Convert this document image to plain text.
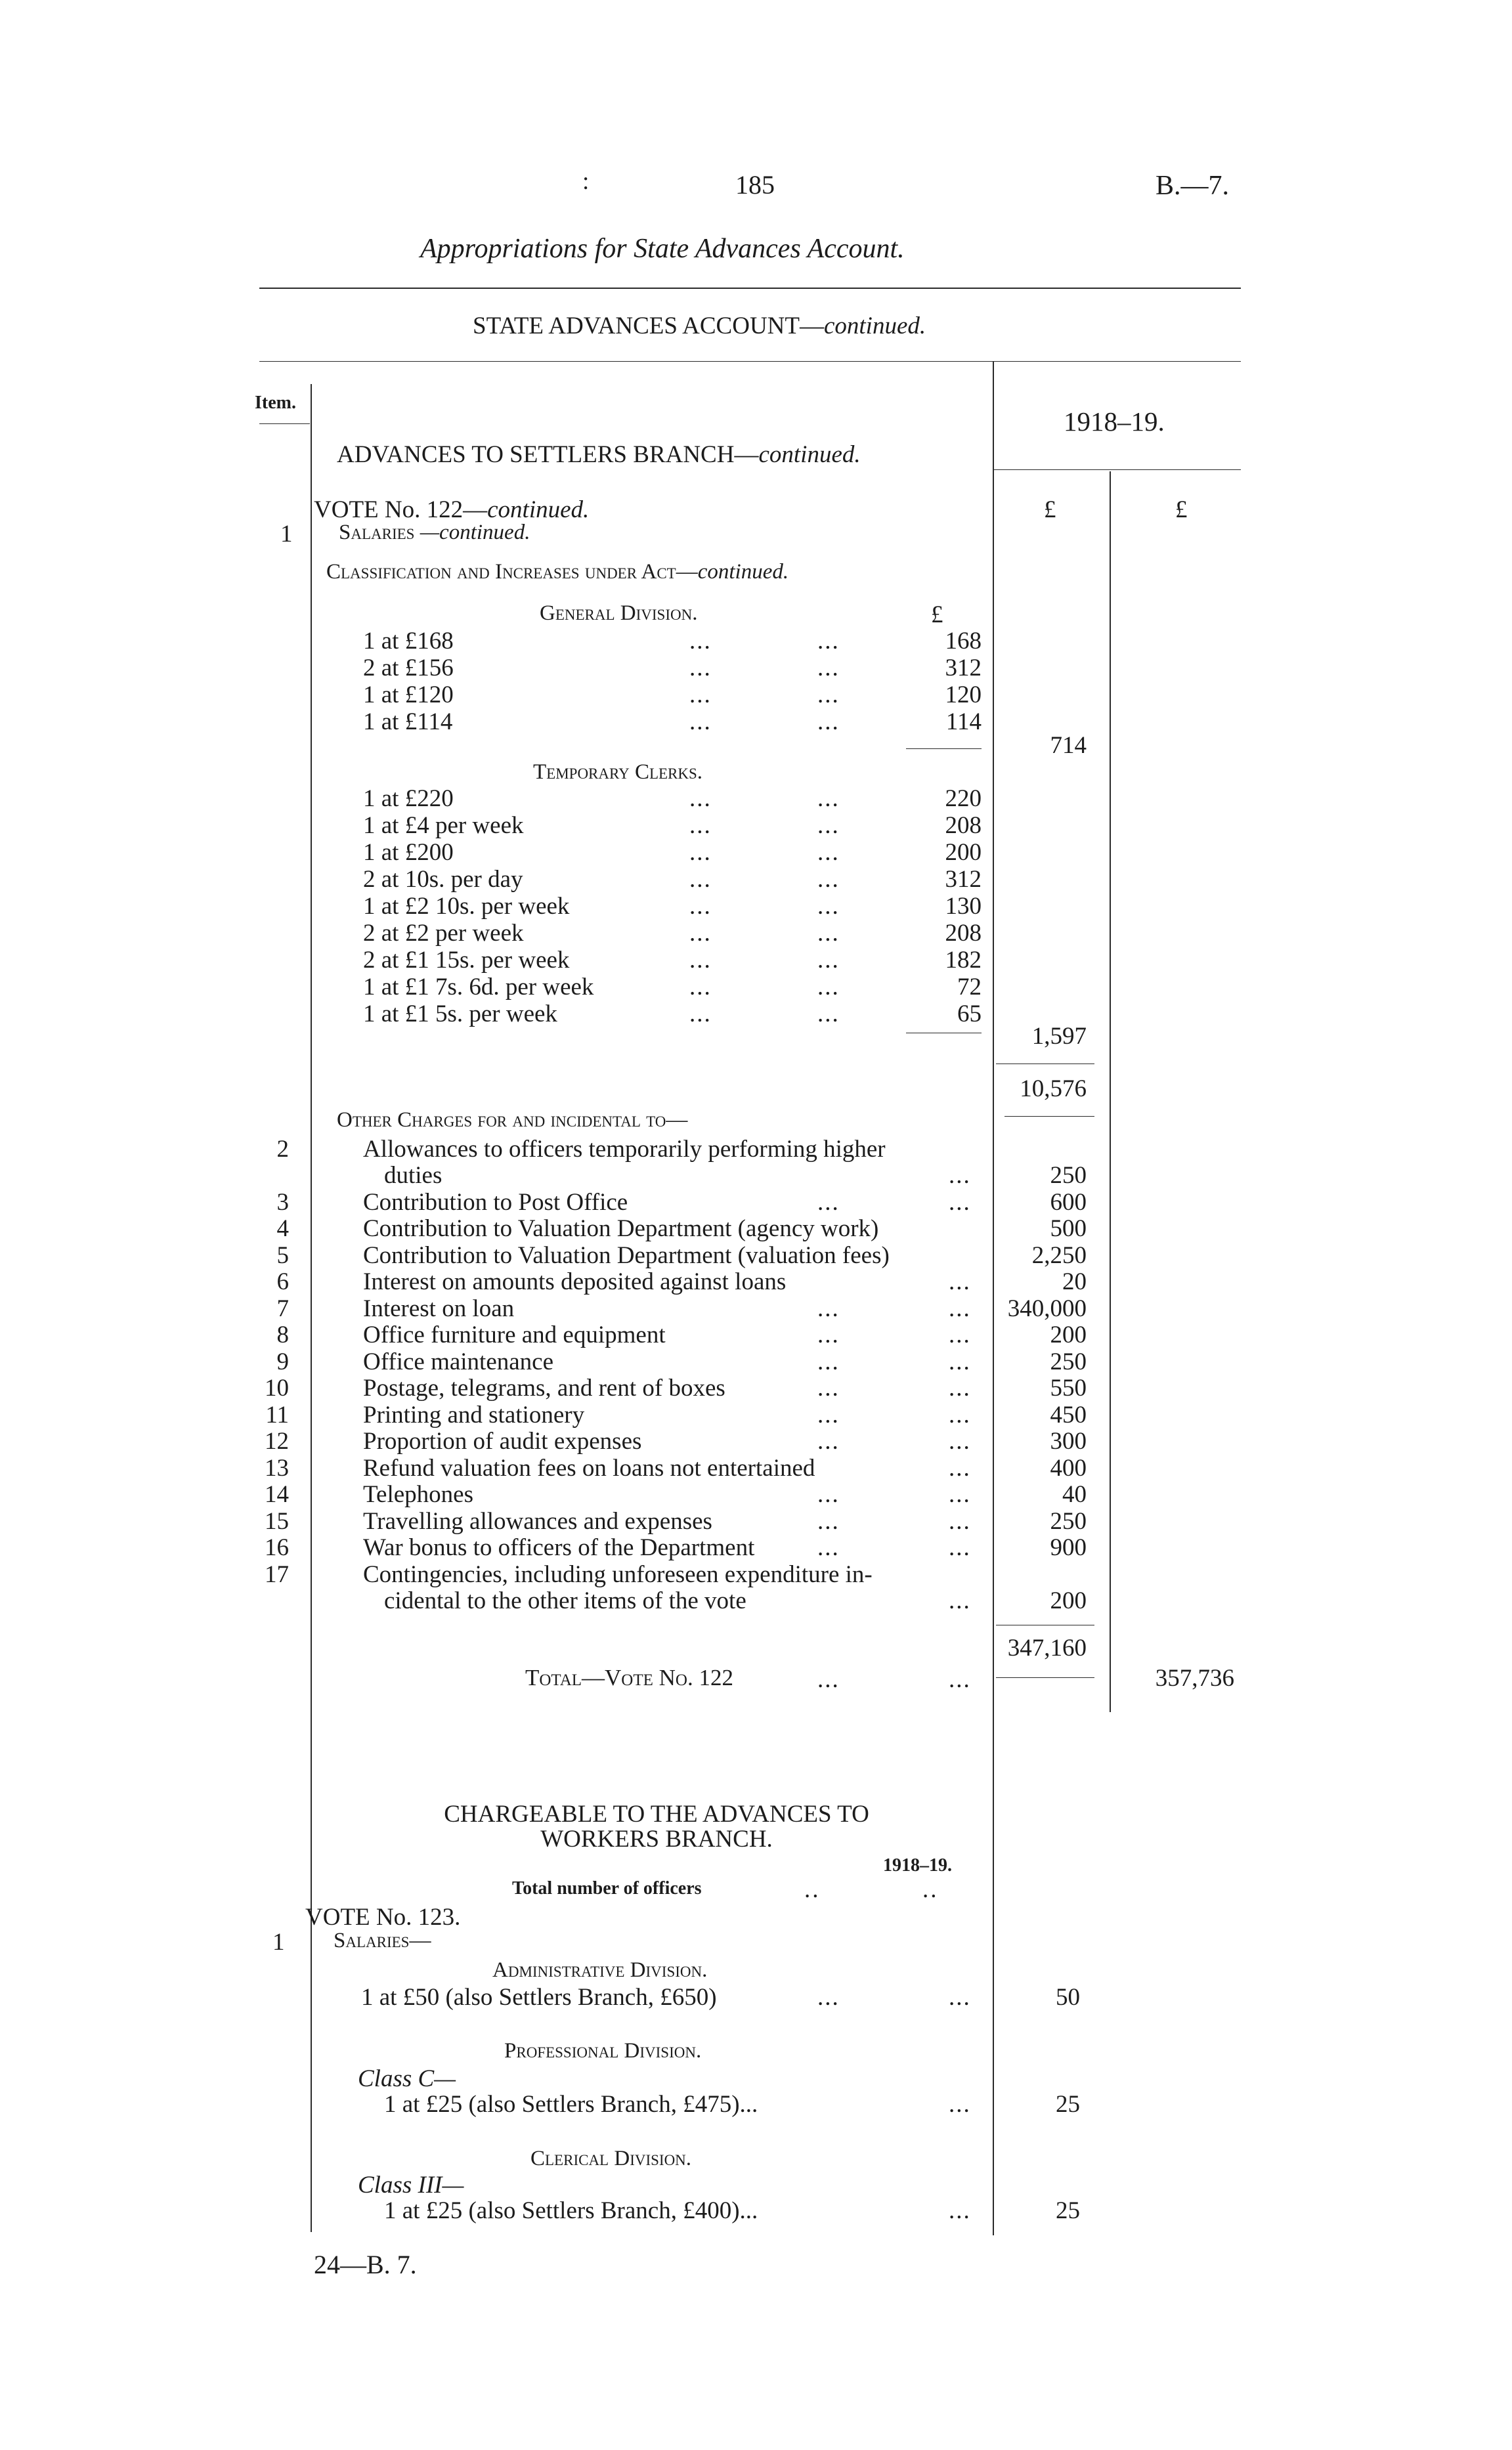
:	185	B.—7.
Appropriations for State Advances Account.
STATE ADVANCES ACCOUNT—continued.
Item.
1918–19.
ADVANCES TO SETTLERS BRANCH—continued.
£	£
VOTE No. 122—continued.
1 Salaries —continued.
Classification and Increases under Act—continued.
General Division.	£
1 at £168	...	...	168
2 at £156	...	...	312
1 at £120	...	...	120
1 at £114	...	...	114
714
Temporary Clerks.
1 at £220	...	...	220
1 at £4 per week	...	...	208
1 at £200	...	...	200
2 at 10s. per day	...	...	312
1 at £2 10s. per week	...	...	130
2 at £2 per week	...	...	208
2 at £1 15s. per week	...	...	182
1 at £1 7s. 6d. per week	...	...	72
1 at £1 5s. per week	...	...	65
1,597
10,576
Other Charges for and incidental to—
2	Allowances to officers temporarily performing higher
duties	...	250
3	Contribution to Post Office	...	...	600
4	Contribution to Valuation Department (agency work)	500
5	Contribution to Valuation Department (valuation fees)	2,250
6	Interest on amounts deposited against loans	...	20
7	Interest on loan	...	...	340,000
8	Office furniture and equipment	...	...	200
9	Office maintenance	...	...	250
10	Postage, telegrams, and rent of boxes	...	...	550
11	Printing and stationery	...	...	450
12	Proportion of audit expenses	...	...	300
13	Refund valuation fees on loans not entertained	...	400
14	Telephones	...	...	40
15	Travelling allowances and expenses	...	...	250
16	War bonus to officers of the Department	...	...	900
17	Contingencies, including unforeseen expenditure in-
cidental to the other items of the vote	...	200
347,160
Total—Vote No. 122	...	...	357,736
CHARGEABLE TO THE ADVANCES TO
WORKERS BRANCH.
1918–19.
Total number of officers	..	..
VOTE No. 123.
1 Salaries—
Administrative Division.
1 at £50 (also Settlers Branch, £650)	...	...	50
Professional Division.
Class C—
1 at £25 (also Settlers Branch, £475)...	...	25
Clerical Division.
Class III—
1 at £25 (also Settlers Branch, £400)...	...	25
24—B. 7.
